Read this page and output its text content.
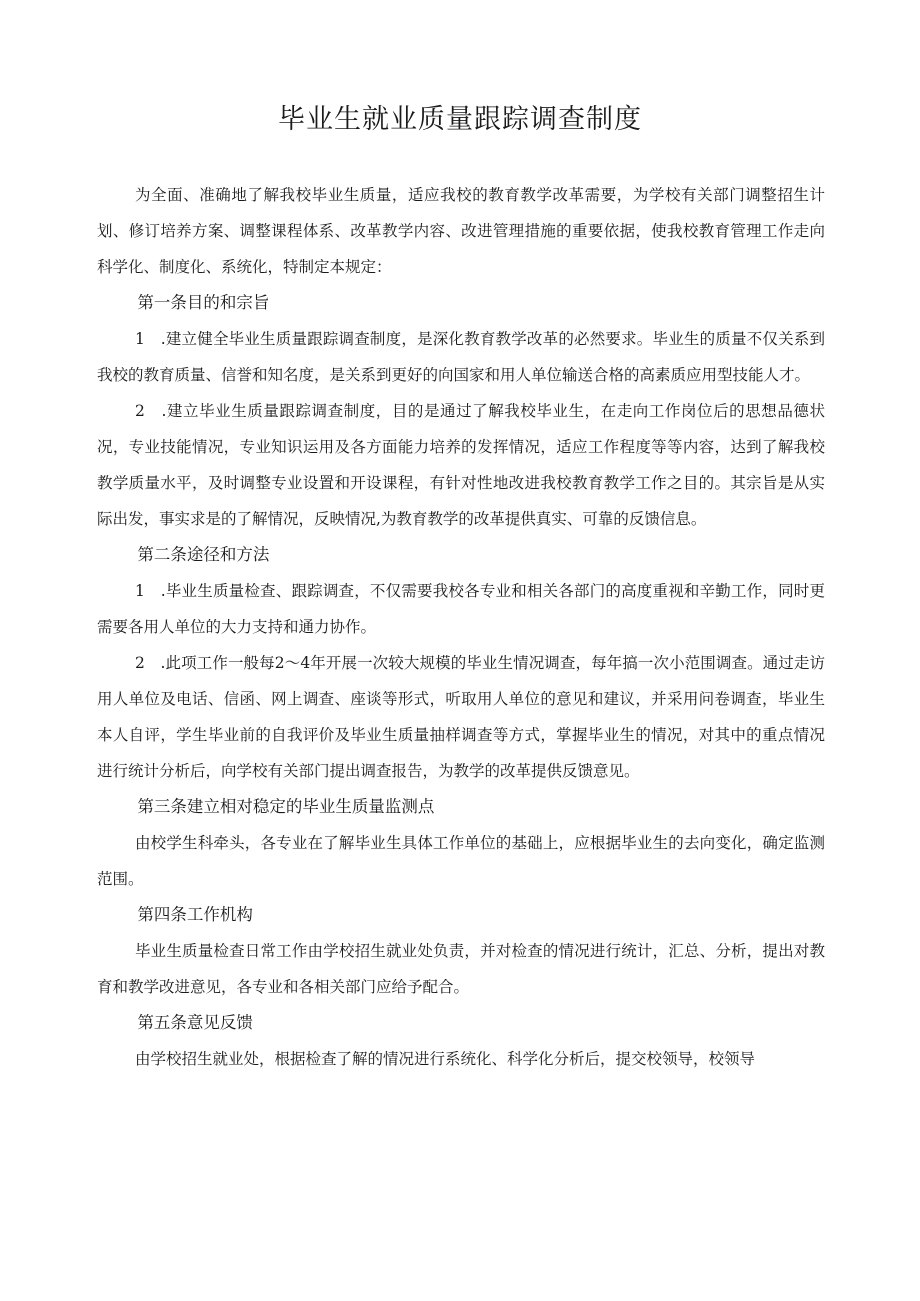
毕业生就业质量跟踪调查制度

为全面、准确地了解我校毕业生质量，适应我校的教育教学改革需要，为学校有关部门调整招生计划、修订培养方案、调整课程体系、改革教学内容、改进管理措施的重要依据，使我校教育管理工作走向科学化、制度化、系统化，特制定本规定：

第一条目的和宗旨

1　.建立健全毕业生质量跟踪调查制度，是深化教育教学改革的必然要求。毕业生的质量不仅关系到我校的教育质量、信誉和知名度，是关系到更好的向国家和用人单位输送合格的高素质应用型技能人才。

2　.建立毕业生质量跟踪调查制度，目的是通过了解我校毕业生，在走向工作岗位后的思想品德状况，专业技能情况，专业知识运用及各方面能力培养的发挥情况，适应工作程度等等内容，达到了解我校教学质量水平，及时调整专业设置和开设课程，有针对性地改进我校教育教学工作之目的。其宗旨是从实际出发，事实求是的了解情况，反映情况,为教育教学的改革提供真实、可靠的反馈信息。

第二条途径和方法

1　.毕业生质量检查、跟踪调查，不仅需要我校各专业和相关各部门的高度重视和辛勤工作，同时更需要各用人单位的大力支持和通力协作。

2　.此项工作一般每2～4年开展一次较大规模的毕业生情况调查，每年搞一次小范围调查。通过走访用人单位及电话、信函、网上调查、座谈等形式，听取用人单位的意见和建议，并采用问卷调查，毕业生本人自评，学生毕业前的自我评价及毕业生质量抽样调查等方式，掌握毕业生的情况，对其中的重点情况进行统计分析后，向学校有关部门提出调查报告，为教学的改革提供反馈意见。

第三条建立相对稳定的毕业生质量监测点

由校学生科牵头，各专业在了解毕业生具体工作单位的基础上，应根据毕业生的去向变化，确定监测范围。

第四条工作机构

毕业生质量检查日常工作由学校招生就业处负责，并对检查的情况进行统计，汇总、分析，提出对教育和教学改进意见，各专业和各相关部门应给予配合。

第五条意见反馈

由学校招生就业处，根据检查了解的情况进行系统化、科学化分析后，提交校领导，校领导
